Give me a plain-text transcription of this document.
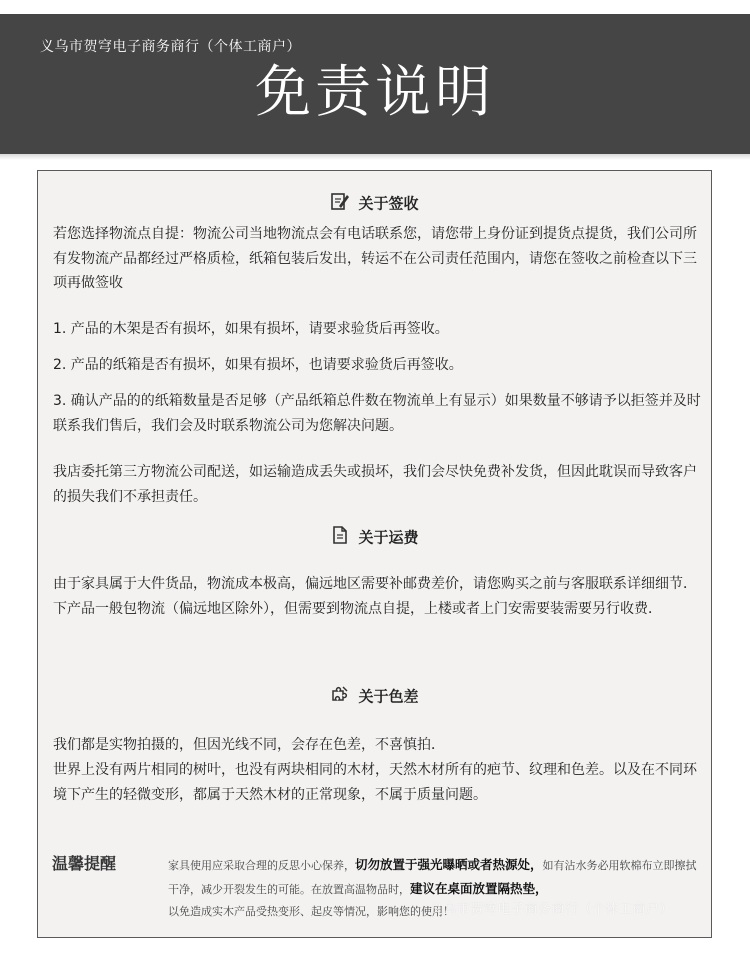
义乌市贺穹电子商务商行（个体工商户）
免责说明
关于签收

若您选择物流点自提：物流公司当地物流点会有电话联系您，请您带上身份证到提货点提货，我们公司所有发物流产品都经过严格质检，纸箱包装后发出，转运不在公司责任范围内，请您在签收之前检查以下三项再做签收

1. 产品的木架是否有损坏，如果有损坏，请要求验货后再签收。

2. 产品的纸箱是否有损坏，如果有损坏，也请要求验货后再签收。

3. 确认产品的的纸箱数量是否足够（产品纸箱总件数在物流单上有显示）如果数量不够请予以拒签并及时联系我们售后，我们会及时联系物流公司为您解决问题。

我店委托第三方物流公司配送，如运输造成丢失或损坏，我们会尽快免费补发货，但因此耽误而导致客户的损失我们不承担责任。

关于运费

由于家具属于大件货品，物流成本极高，偏远地区需要补邮费差价，请您购买之前与客服联系详细细节．　下产品一般包物流（偏远地区除外），但需要到物流点自提，上楼或者上门安需要装需要另行收费．

关于色差

我们都是实物拍摄的，但因光线不同，会存在色差，不喜慎拍．

世界上没有两片相同的树叶，也没有两块相同的木材，天然木材所有的疤节、纹理和色差。以及在不同环境下产生的轻微变形，都属于天然木材的正常现象，不属于质量问题。

温馨提醒	家具使用应采取合理的反思小心保养，切勿放置于强光曝晒或者热源处，如有沾水务必用软棉布立即擦拭干净，减少开裂发生的可能。在放置高温物品时，建议在桌面放置隔热垫，
以免造成实木产品受热变形、起皮等情况，影响您的使用！
义乌市贺穹电子商务商行（个体工商户）
